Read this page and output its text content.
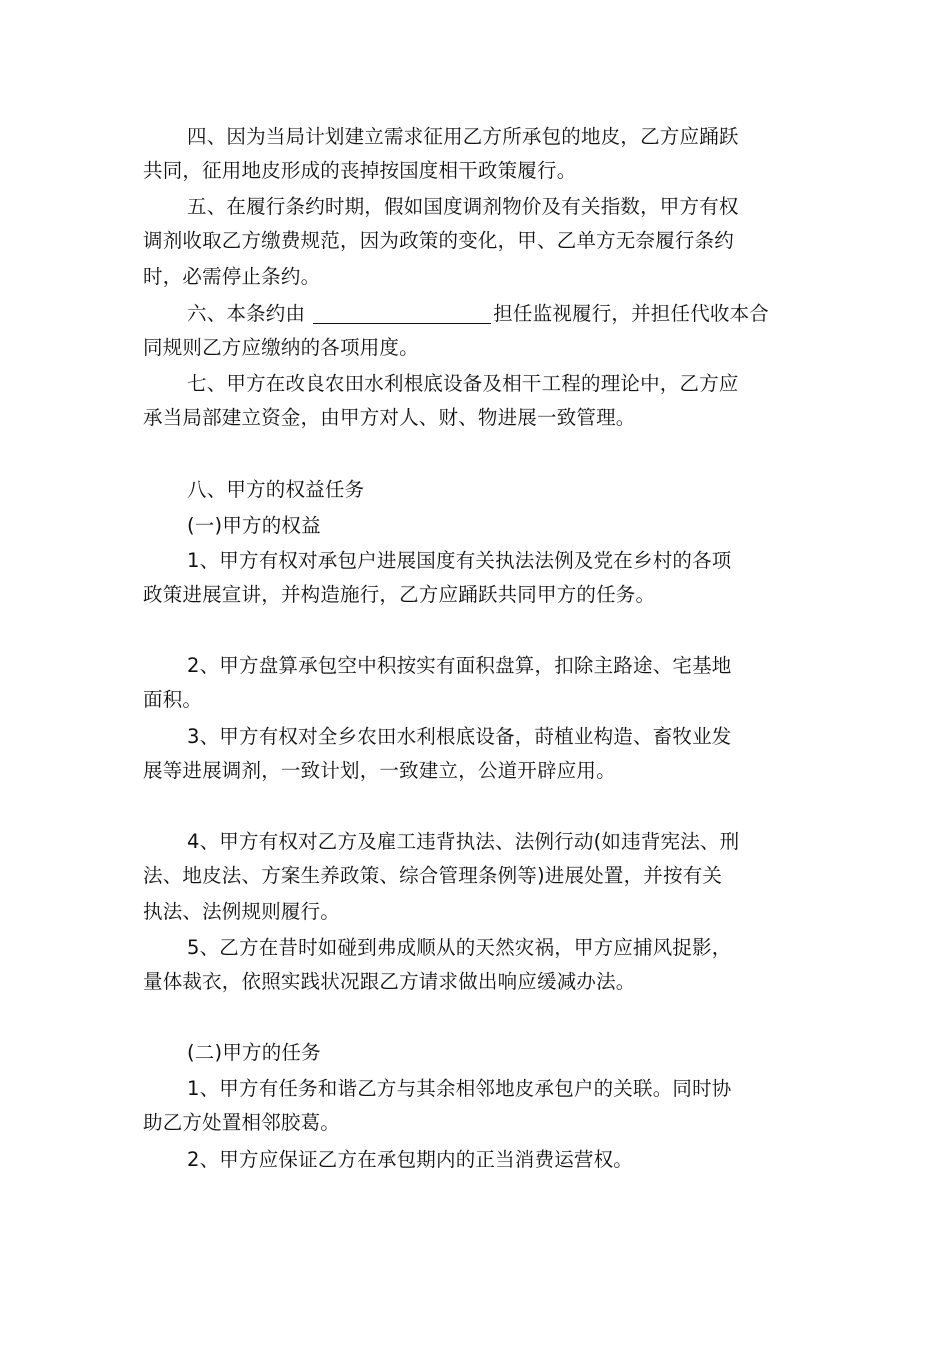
四、因为当局计划建立需求征用乙方所承包的地皮，乙方应踊跃
共同，征用地皮形成的丧掉按国度相干政策履行。
五、在履行条约时期，假如国度调剂物价及有关指数，甲方有权
调剂收取乙方缴费规范，因为政策的变化，甲、乙单方无奈履行条约
时，必需停止条约。
六、本条约由	担任监视履行，并担任代收本合
同规则乙方应缴纳的各项用度。
七、甲方在改良农田水利根底设备及相干工程的理论中，乙方应
承当局部建立资金，由甲方对人、财、物进展一致管理。
八、甲方的权益任务
(一)甲方的权益
1、甲方有权对承包户进展国度有关执法法例及党在乡村的各项
政策进展宣讲，并构造施行，乙方应踊跃共同甲方的任务。
2、甲方盘算承包空中积按实有面积盘算，扣除主路途、宅基地
面积。
3、甲方有权对全乡农田水利根底设备，莳植业构造、畜牧业发
展等进展调剂，一致计划，一致建立，公道开辟应用。
4、甲方有权对乙方及雇工违背执法、法例行动(如违背宪法、刑
法、地皮法、方案生养政策、综合管理条例等)进展处置，并按有关
执法、法例规则履行。
5、乙方在昔时如碰到弗成顺从的天然灾祸，甲方应捕风捉影，
量体裁衣，依照实践状况跟乙方请求做出响应缓减办法。
(二)甲方的任务
1、甲方有任务和谐乙方与其余相邻地皮承包户的关联。同时协
助乙方处置相邻胶葛。
2、甲方应保证乙方在承包期内的正当消费运营权。
